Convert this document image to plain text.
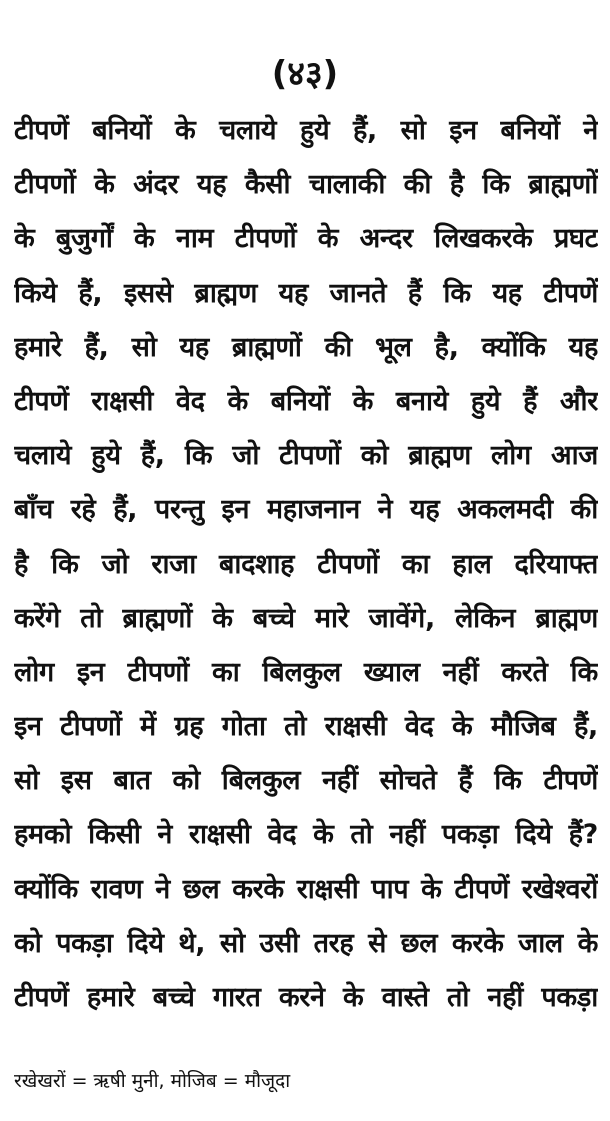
(४३)
टीपणें बनियों के चलाये हुये हैं, सो इन बनियों ने
टीपणों के अंदर यह कैसी चालाकी की है कि ब्राह्मणों
के बुजुर्गों के नाम टीपणों के अन्दर लिखकरके प्रघट
किये हैं, इससे ब्राह्मण यह जानते हैं कि यह टीपणें
हमारे हैं, सो यह ब्राह्मणों की भूल है, क्योंकि यह
टीपणें राक्षसी वेद के बनियों के बनाये हुये हैं और
चलाये हुये हैं, कि जो टीपणों को ब्राह्मण लोग आज
बाँच रहे हैं, परन्तु इन महाजनान ने यह अकलमदी की
है कि जो राजा बादशाह टीपणों का हाल दरियाफ्त
करेंगे तो ब्राह्मणों के बच्चे मारे जावेंगे, लेकिन ब्राह्मण
लोग इन टीपणों का बिलकुल ख्याल नहीं करते कि
इन टीपणों में ग्रह गोता तो राक्षसी वेद के मौजिब हैं,
सो इस बात को बिलकुल नहीं सोचते हैं कि टीपणें
हमको किसी ने राक्षसी वेद के तो नहीं पकड़ा दिये हैं?
क्योंकि रावण ने छल करके राक्षसी पाप के टीपणें रखेश्वरों
को पकड़ा दिये थे, सो उसी तरह से छल करके जाल के
टीपणें हमारे बच्चे गारत करने के वास्ते तो नहीं पकड़ा
रखेखरों = ऋषी मुनी, मोजिब = मौजूदा
